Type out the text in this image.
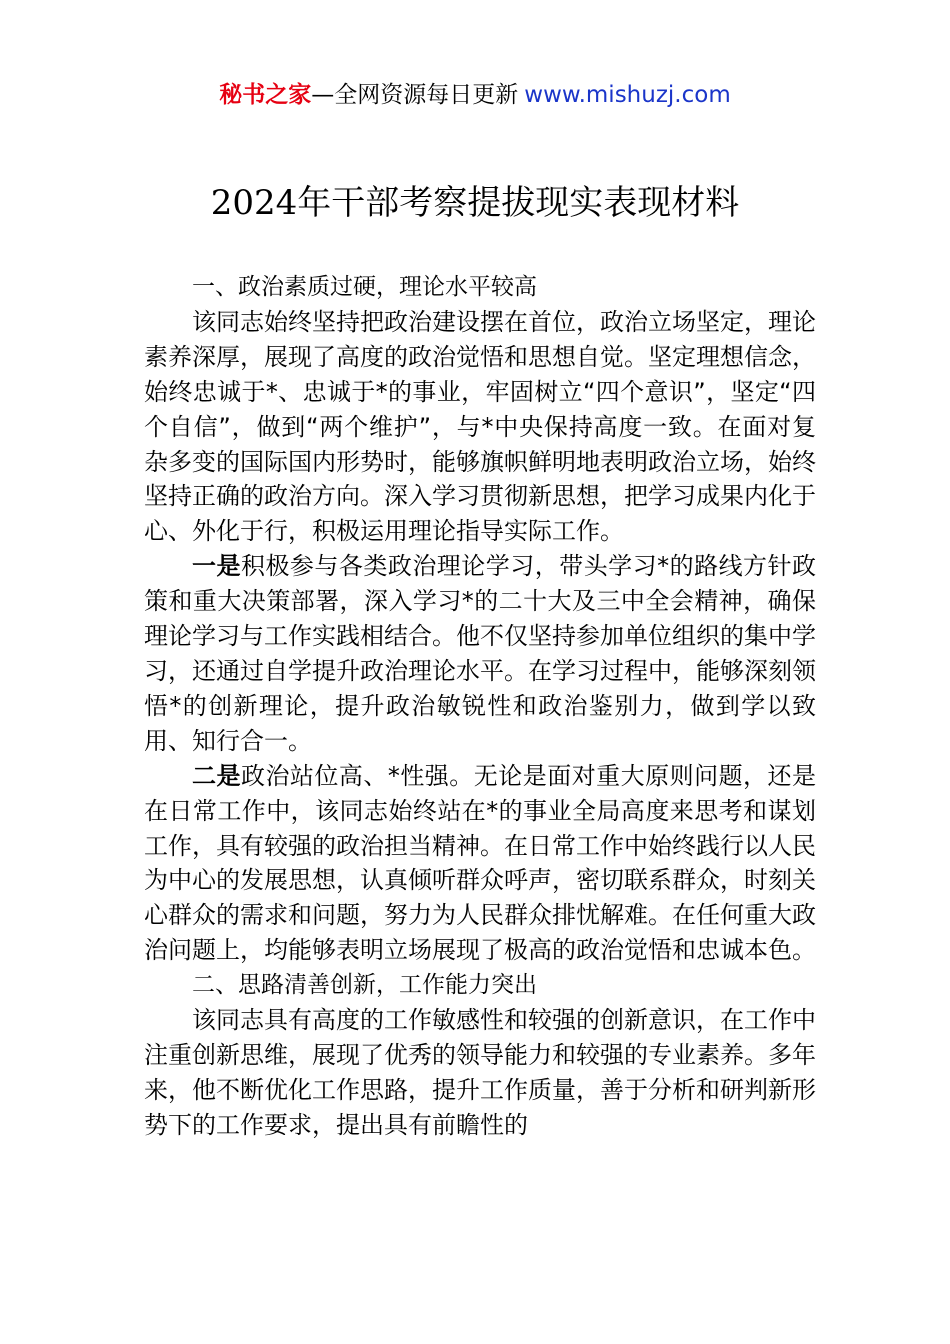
秘书之家—全网资源每日更新 www.mishuzj.com
2024年干部考察提拔现实表现材料

一、政治素质过硬，理论水平较高

该同志始终坚持把政治建设摆在首位，政治立场坚定，理论素养深厚，展现了高度的政治觉悟和思想自觉。坚定理想信念，始终忠诚于*、忠诚于*的事业，牢固树立“四个意识”，坚定“四个自信”，做到“两个维护”，与*中央保持高度一致。在面对复杂多变的国际国内形势时，能够旗帜鲜明地表明政治立场，始终坚持正确的政治方向。深入学习贯彻新思想，把学习成果内化于心、外化于行，积极运用理论指导实际工作。

一是积极参与各类政治理论学习，带头学习*的路线方针政策和重大决策部署，深入学习*的二十大及三中全会精神，确保理论学习与工作实践相结合。他不仅坚持参加单位组织的集中学习，还通过自学提升政治理论水平。在学习过程中，能够深刻领悟*的创新理论，提升政治敏锐性和政治鉴别力，做到学以致用、知行合一。

二是政治站位高、*性强。无论是面对重大原则问题，还是在日常工作中，该同志始终站在*的事业全局高度来思考和谋划工作，具有较强的政治担当精神。在日常工作中始终践行以人民为中心的发展思想，认真倾听群众呼声，密切联系群众，时刻关心群众的需求和问题，努力为人民群众排忧解难。在任何重大政治问题上，均能够表明立场展现了极高的政治觉悟和忠诚本色。

二、思路清善创新，工作能力突出

该同志具有高度的工作敏感性和较强的创新意识，在工作中注重创新思维，展现了优秀的领导能力和较强的专业素养。多年来，他不断优化工作思路，提升工作质量，善于分析和研判新形势下的工作要求，提出具有前瞻性的
